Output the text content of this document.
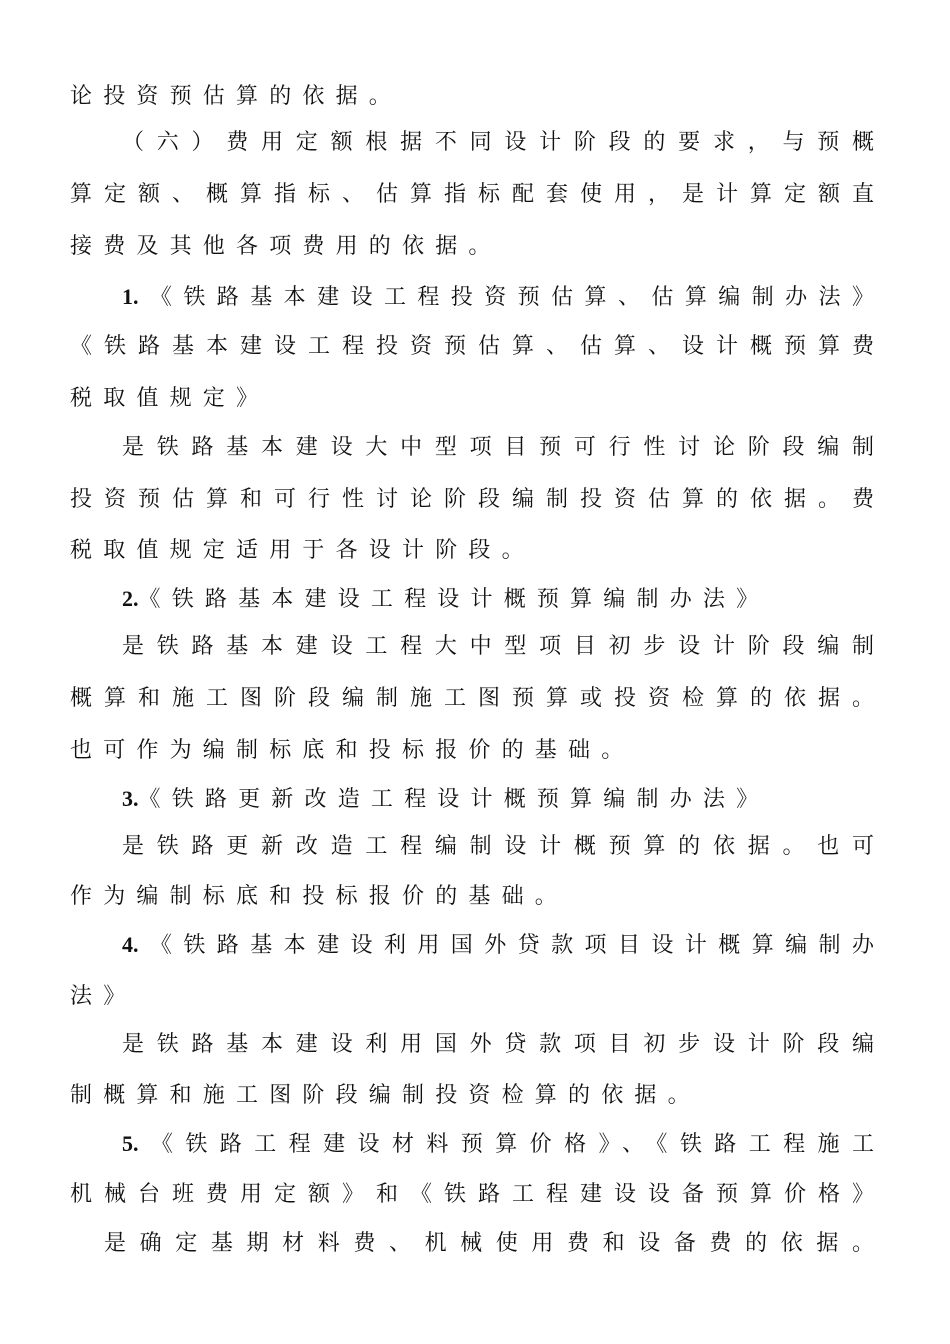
论投资预估算的依据。
（六）费用定额根据不同设计阶段的要求，与预概
算定额、概算指标、估算指标配套使用，是计算定额直
接费及其他各项费用的依据。
1.《铁路基本建设工程投资预估算、估算编制办法》
《铁路基本建设工程投资预估算、估算、设计概预算费
税取值规定》
是铁路基本建设大中型项目预可行性讨论阶段编制
投资预估算和可行性讨论阶段编制投资估算的依据。费
税取值规定适用于各设计阶段。
2.《铁路基本建设工程设计概预算编制办法》
是铁路基本建设工程大中型项目初步设计阶段编制
概算和施工图阶段编制施工图预算或投资检算的依据。
也可作为编制标底和投标报价的基础。
3.《铁路更新改造工程设计概预算编制办法》
是铁路更新改造工程编制设计概预算的依据。也可
作为编制标底和投标报价的基础。
4.《铁路基本建设利用国外贷款项目设计概算编制办
法》
是铁路基本建设利用国外贷款项目初步设计阶段编
制概算和施工图阶段编制投资检算的依据。
5.《铁路工程建设材料预算价格》、《铁路工程施工
机械台班费用定额》和《铁路工程建设设备预算价格》
是确定基期材料费、机械使用费和设备费的依据。
